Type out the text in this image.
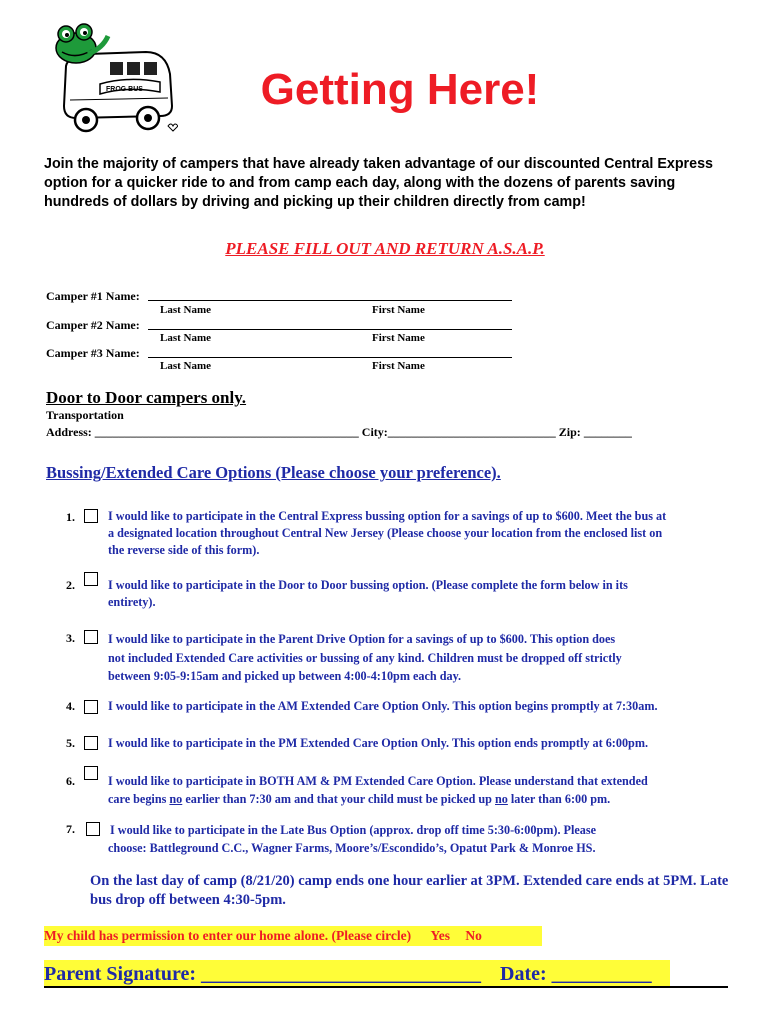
FROG BUS	Getting Here!
Join the majority of campers that have already taken advantage of our discounted Central Express option for a quicker ride to and from camp each day, along with the dozens of parents saving hundreds of dollars by driving and picking up their children directly from camp!
PLEASE FILL OUT AND RETURN A.S.A.P.
Camper #1 Name:
Last Name	First Name
Camper #2 Name:
Last Name	First Name
Camper #3 Name:
Last Name	First Name
Door to Door campers only.
Transportation
Address: ____________________________________________ City:____________________________ Zip: ________
Bussing/Extended Care Options (Please choose your preference).
1.	I would like to participate in the Central Express bussing option for a savings of up to $600. Meet the bus at
a designated location throughout Central New Jersey (Please choose your location from the enclosed list on
the reverse side of this form).
2.	I would like to participate in the Door to Door bussing option. (Please complete the form below in its
entirety).
3.	I would like to participate in the Parent Drive Option for a savings of up to $600. This option does
not included Extended Care activities or bussing of any kind. Children must be dropped off strictly
between 9:05-9:15am and picked up between 4:00-4:10pm each day.
4.	I would like to participate in the AM Extended Care Option Only. This option begins promptly at 7:30am.
5.	I would like to participate in the PM Extended Care Option Only. This option ends promptly at 6:00pm.
6.	I would like to participate in BOTH AM & PM Extended Care Option. Please understand that extended
care begins no earlier than 7:30 am and that your child must be picked up no later than 6:00 pm.
7.	I would like to participate in the Late Bus Option (approx. drop off time 5:30-6:00pm). Please
choose: Battleground C.C., Wagner Farms, Moore’s/Escondido’s, Opatut Park & Monroe HS.
On the last day of camp (8/21/20) camp ends one hour earlier at 3PM. Extended care ends at 5PM. Late bus drop off between 4:30-5pm.
My child has permission to enter our home alone. (Please circle) Yes No
Parent Signature: ____________________________ Date: __________
